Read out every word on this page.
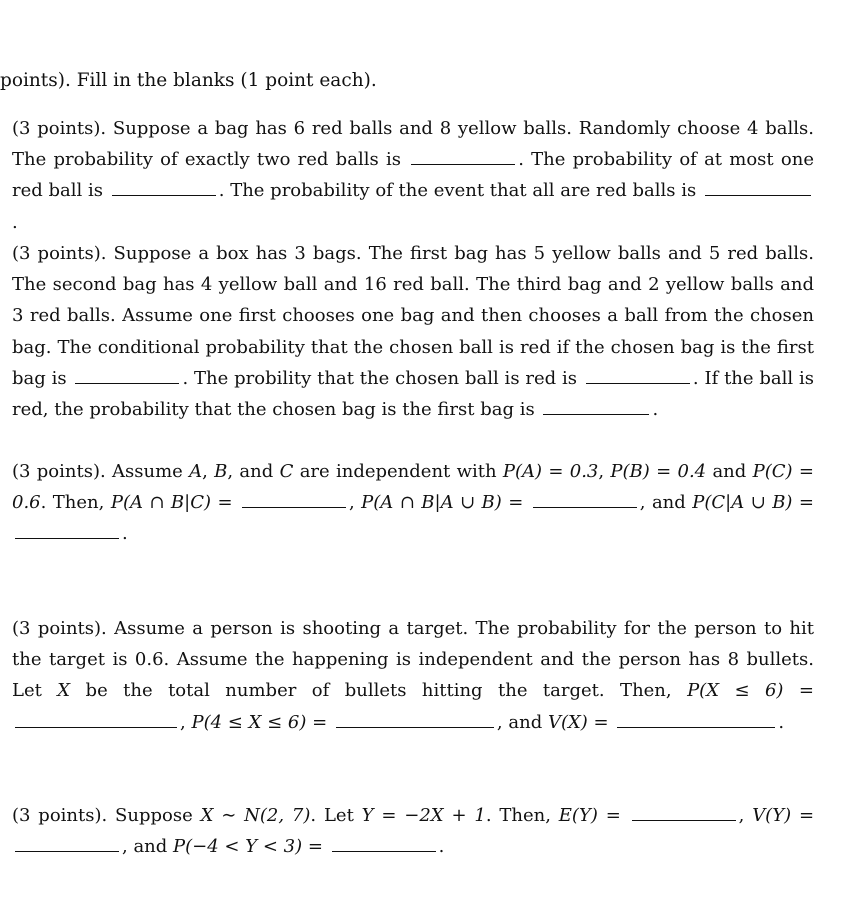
points). Fill in the blanks (1 point each).
(3 points). Suppose a bag has 6 red balls and 8 yellow balls. Randomly choose 4 balls. The probability of exactly two red balls is	. The probability of at most one red ball is	. The probability of the event that all are red balls is .
(3 points). Suppose a box has 3 bags. The first bag has 5 yellow balls and 5 red balls. The second bag has 4 yellow ball and 16 red ball. The third bag and 2 yellow balls and 3 red balls. Assume one first chooses one bag and then chooses a ball from the chosen bag. The conditional probability that the chosen ball is red if the chosen bag is the first bag is	. The probility that the chosen ball is red is	. If the ball is red, the probability that the chosen bag is the first bag is	.
(3 points). Assume A, B, and C are independent with P(A) = 0.3, P(B) = 0.4 and P(C) = 0.6. Then, P(A ∩ B|C) =	, P(A ∩ B|A ∪ B) =	, and P(C|A ∪ B) = .
(3 points). Assume a person is shooting a target. The probability for the person to hit the target is 0.6. Assume the happening is independent and the person has 8 bullets. Let X be the total number of bullets hitting the target. Then, P(X ≤ 6) = , P(4 ≤ X ≤ 6) =	, and V(X) =	.
(3 points). Suppose X ∼ N(2, 7). Let Y = −2X + 1. Then, E(Y) =	, V(Y) = , and P(−4 < Y < 3) =	.
